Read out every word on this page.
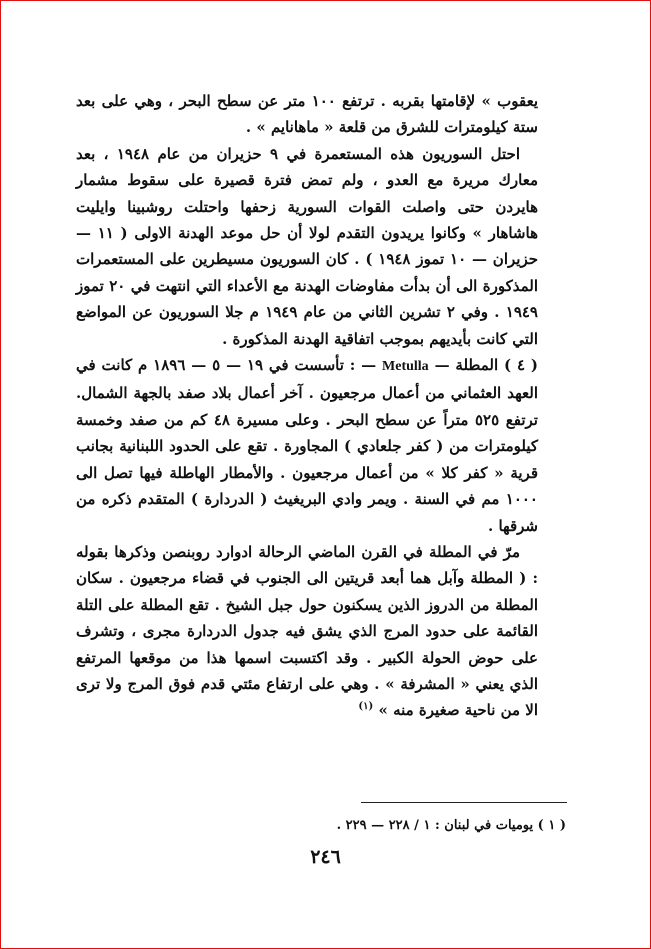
يعقوب » لإقامتها بقربه . ترتفع ١٠٠ متر عن سطح البحر ، وهي على بعد ستة كيلومترات للشرق من قلعة « ماهانايم » .

احتل السوريون هذه المستعمرة في ٩ حزيران من عام ١٩٤٨ ، بعد معارك مريرة مع العدو ، ولم تمض فترة قصيرة على سقوط مشمار هايردن حتى واصلت القوات السورية زحفها واحتلت روشبينا وايليت هاشاهار » وكانوا يريدون التقدم لولا أن حل موعد الهدنة الاولى ( ١١ — حزيران — ١٠ تموز ١٩٤٨ ) . كان السوريون مسيطرين على المستعمرات المذكورة الى أن بدأت مفاوضات الهدنة مع الأعداء التي انتهت في ٢٠ تموز ١٩٤٩ . وفي ٢ تشرين الثاني من عام ١٩٤٩ م جلا السوريون عن المواضع التي كانت بأيديهم بموجب اتفاقية الهدنة المذكورة .

( ٤ ) المطلة — Metulla — : تأسست في ١٩ — ٥ — ١٨٩٦ م كانت في العهد العثماني من أعمال مرجعيون . آخر أعمال بلاد صفد بالجهة الشمال. ترتفع ٥٢٥ متراً عن سطح البحر . وعلى مسيرة ٤٨ كم من صفد وخمسة كيلومترات من ( كفر جلعادي ) المجاورة . تقع على الحدود اللبنانية بجانب قرية « كفر كلا » من أعمال مرجعيون . والأمطار الهاطلة فيها تصل الى ١٠٠٠ مم في السنة . ويمر وادي البريغيث ( الدردارة ) المتقدم ذكره من شرقها .

مرّ في المطلة في القرن الماضي الرحالة ادوارد روبنصن وذكرها بقوله : ( المطلة وآبل هما أبعد قريتين الى الجنوب في قضاء مرجعيون . سكان المطلة من الدروز الذين يسكنون حول جبل الشيخ . تقع المطلة على التلة القائمة على حدود المرج الذي يشق فيه جدول الدردارة مجرى ، وتشرف على حوض الحولة الكبير . وقد اكتسبت اسمها هذا من موقعها المرتفع الذي يعني « المشرفة » . وهي على ارتفاع مئتي قدم فوق المرج ولا ترى الا من ناحية صغيرة منه » $^{(١)}$

( ١ ) يوميات في لبنان : ١ / ٢٢٨ — ٢٢٩ .
٢٤٦
